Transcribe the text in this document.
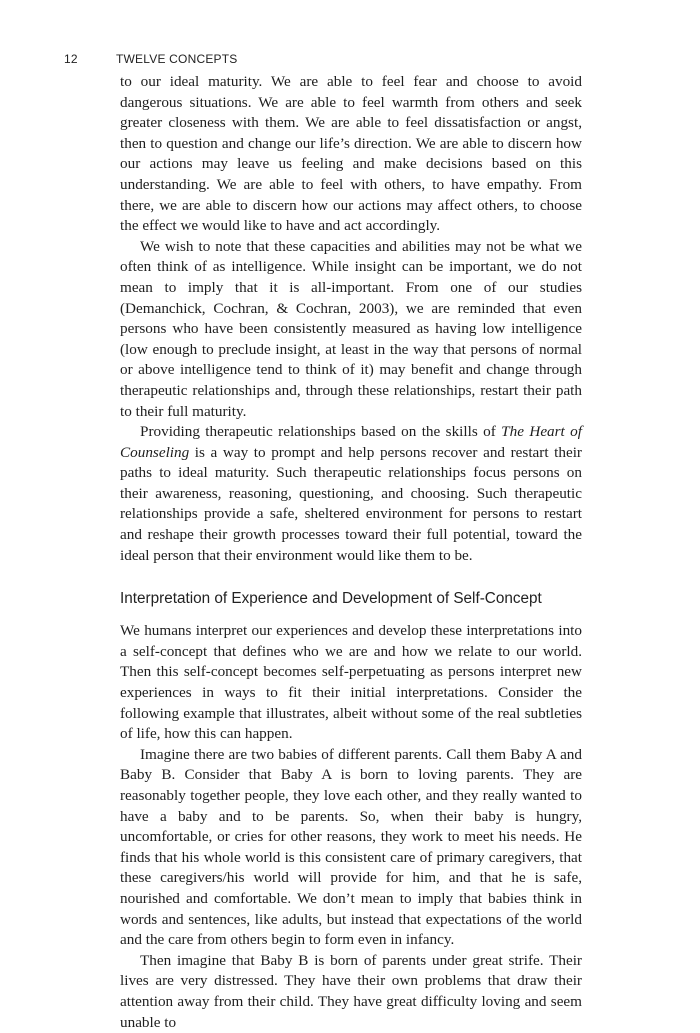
12	TWELVE CONCEPTS

to our ideal maturity. We are able to feel fear and choose to avoid dangerous situations. We are able to feel warmth from others and seek greater closeness with them. We are able to feel dissatisfaction or angst, then to question and change our life’s direction. We are able to discern how our actions may leave us feeling and make decisions based on this understanding. We are able to feel with others, to have empathy. From there, we are able to discern how our actions may affect others, to choose the effect we would like to have and act accordingly.

We wish to note that these capacities and abilities may not be what we often think of as intelligence. While insight can be important, we do not mean to imply that it is all-important. From one of our studies (Demanchick, Cochran, & Cochran, 2003), we are reminded that even persons who have been consistently measured as having low intelligence (low enough to preclude insight, at least in the way that persons of normal or above intelligence tend to think of it) may benefit and change through therapeutic relationships and, through these relationships, restart their path to their full maturity.

Providing therapeutic relationships based on the skills of The Heart of Counseling is a way to prompt and help persons recover and restart their paths to ideal maturity. Such therapeutic relationships focus persons on their awareness, reasoning, questioning, and choosing. Such therapeutic relationships provide a safe, sheltered environment for persons to restart and reshape their growth processes toward their full potential, toward the ideal person that their environment would like them to be.

Interpretation of Experience and Development of Self-Concept

We humans interpret our experiences and develop these interpretations into a self-concept that defines who we are and how we relate to our world. Then this self-concept becomes self-perpetuating as persons interpret new experiences in ways to fit their initial interpretations. Consider the following example that illustrates, albeit without some of the real subtleties of life, how this can happen.

Imagine there are two babies of different parents. Call them Baby A and Baby B. Consider that Baby A is born to loving parents. They are reasonably together people, they love each other, and they really wanted to have a baby and to be parents. So, when their baby is hungry, uncomfortable, or cries for other reasons, they work to meet his needs. He finds that his whole world is this consistent care of primary caregivers, that these caregivers/his world will provide for him, and that he is safe, nourished and comfortable. We don’t mean to imply that babies think in words and sentences, like adults, but instead that expectations of the world and the care from others begin to form even in infancy.

Then imagine that Baby B is born of parents under great strife. Their lives are very distressed. They have their own problems that draw their attention away from their child. They have great difficulty loving and seem unable to
